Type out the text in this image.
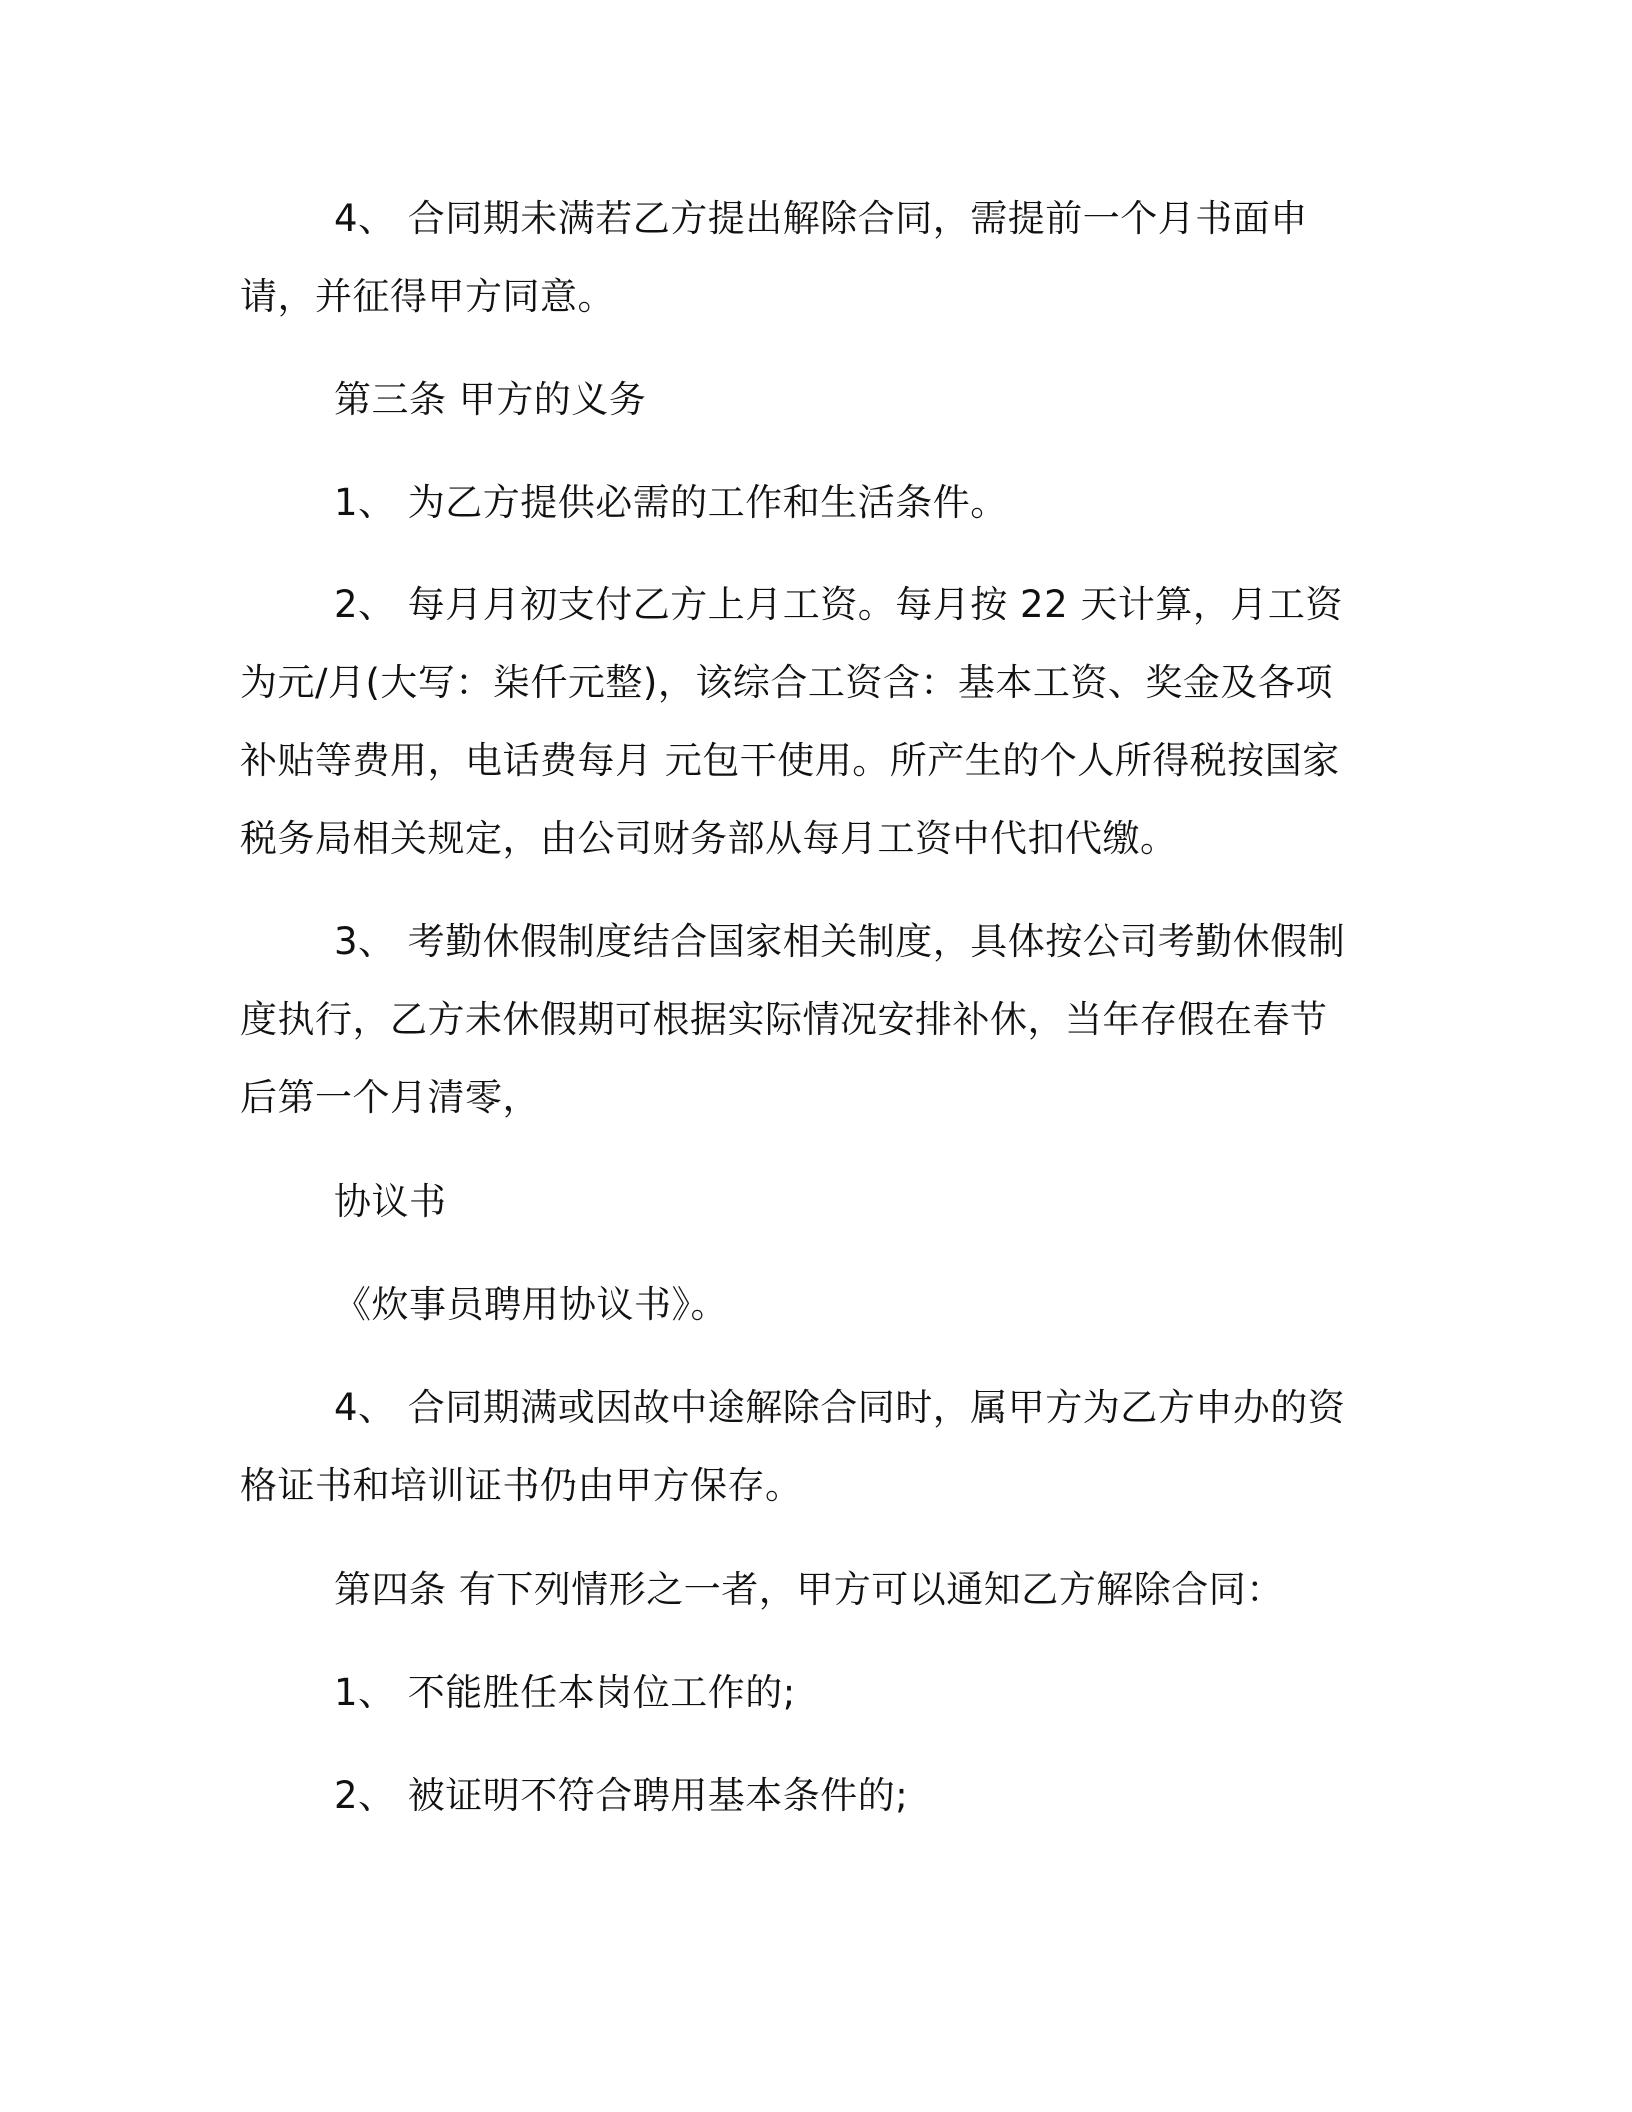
4、 合同期未满若乙方提出解除合同，需提前一个月书面申请，并征得甲方同意。

第三条 甲方的义务

1、 为乙方提供必需的工作和生活条件。

2、 每月月初支付乙方上月工资。每月按 22 天计算，月工资为元/月(大写：柒仟元整)，该综合工资含：基本工资、奖金及各项补贴等费用，电话费每月 元包干使用。所产生的个人所得税按国家税务局相关规定，由公司财务部从每月工资中代扣代缴。

3、 考勤休假制度结合国家相关制度，具体按公司考勤休假制度执行，乙方未休假期可根据实际情况安排补休，当年存假在春节后第一个月清零，

协议书

《炊事员聘用协议书》。

4、 合同期满或因故中途解除合同时，属甲方为乙方申办的资格证书和培训证书仍由甲方保存。

第四条 有下列情形之一者，甲方可以通知乙方解除合同：

1、 不能胜任本岗位工作的;

2、 被证明不符合聘用基本条件的;
